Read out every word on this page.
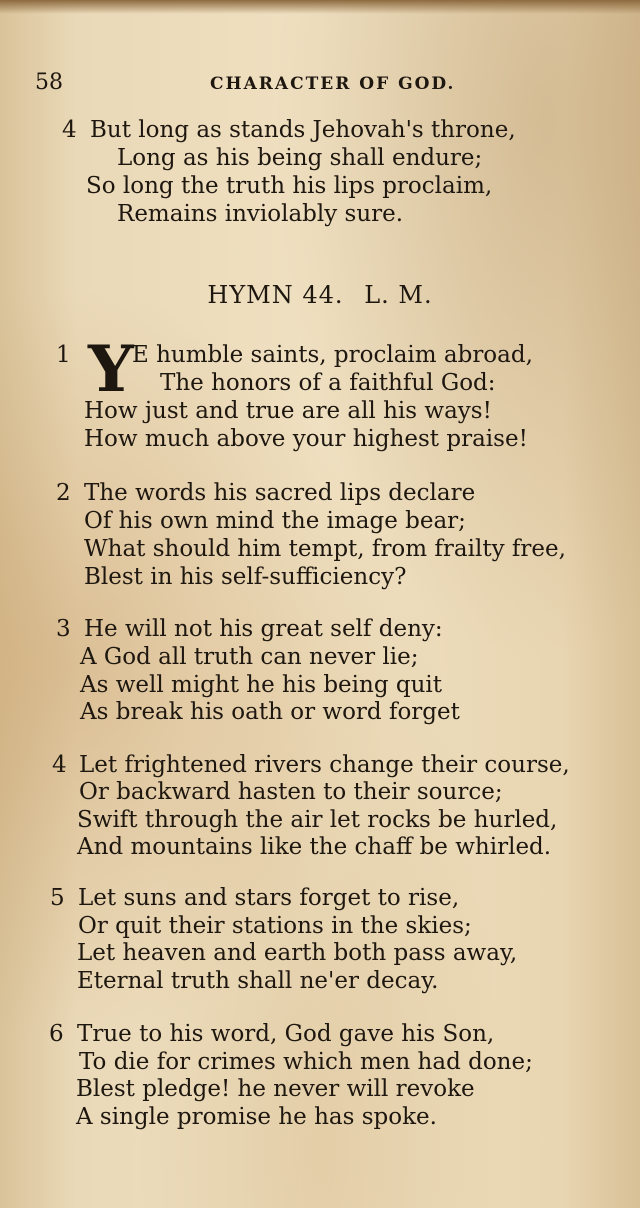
58	CHARACTER OF GOD.
4 But long as stands Jehovah's throne,
Long as his being shall endure;
So long the truth his lips proclaim,
Remains inviolably sure.
HYMN 44. L. M.
1 Y
E humble saints, proclaim abroad,
The honors of a faithful God:
How just and true are all his ways!
How much above your highest praise!
2 The words his sacred lips declare
Of his own mind the image bear;
What should him tempt, from frailty free,
Blest in his self-sufficiency?
3 He will not his great self deny:
A God all truth can never lie;
As well might he his being quit
As break his oath or word forget
4 Let frightened rivers change their course,
Or backward hasten to their source;
Swift through the air let rocks be hurled,
And mountains like the chaff be whirled.
5 Let suns and stars forget to rise,
Or quit their stations in the skies;
Let heaven and earth both pass away,
Eternal truth shall ne'er decay.
6 True to his word, God gave his Son,
To die for crimes which men had done;
Blest pledge! he never will revoke
A single promise he has spoke.
